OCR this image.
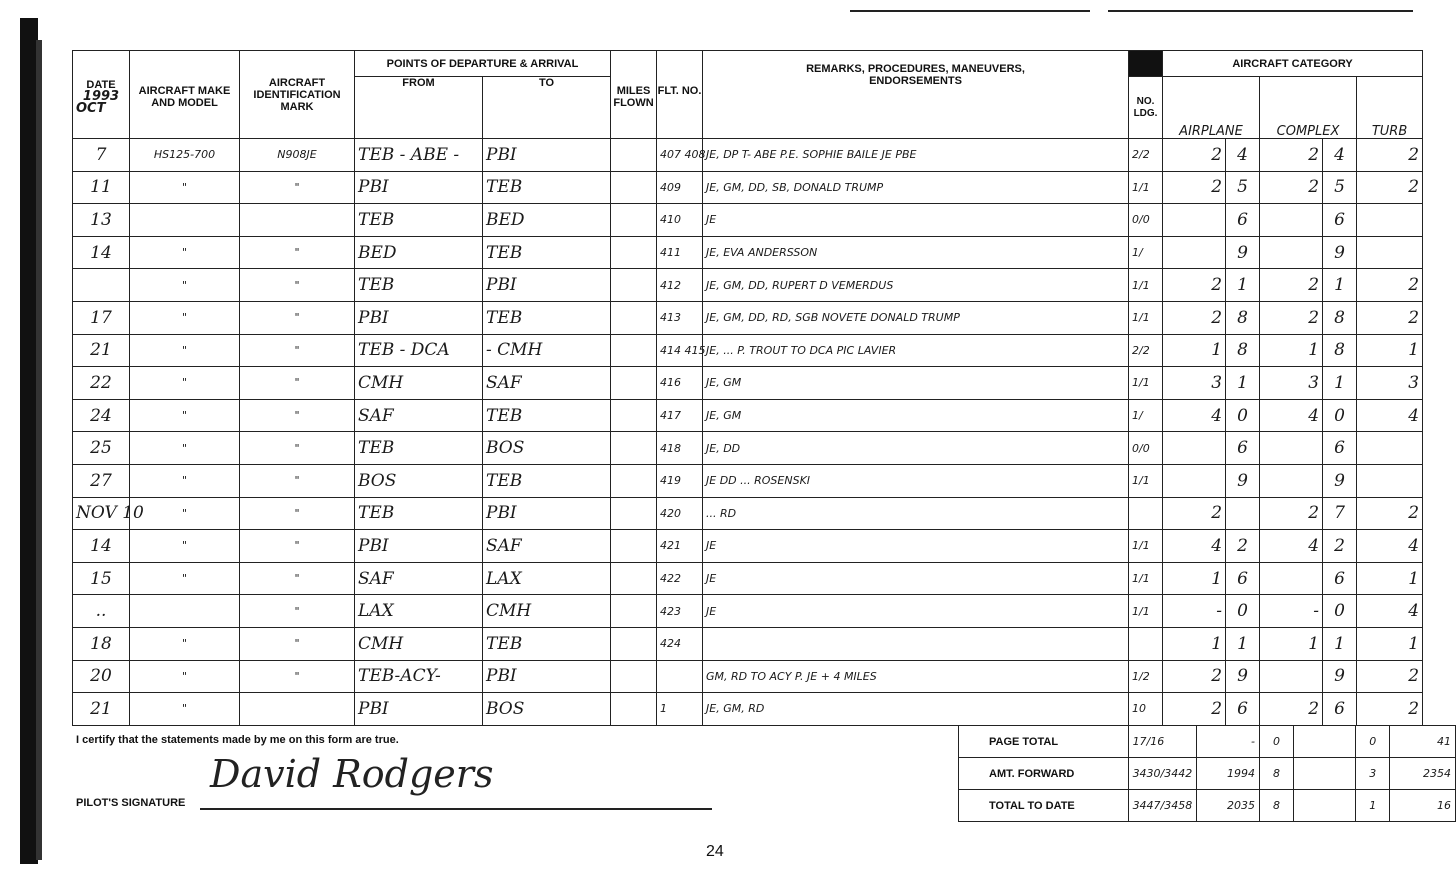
DATE
1993
OCT	AIRCRAFT MAKE AND MODEL	AIRCRAFT IDENTIFICATION MARK	POINTS OF DEPARTURE & ARRIVAL		MILES FLOWN	FLT. NO.	REMARKS, PROCEDURES, MANEUVERS, ENDORSEMENTS		AIRCRAFT CATEGORY				
			FROM	TO				NO. LDG.	AIRPLANE		COMPLEX		TURB
7	HS125-700	N908JE	TEB - ABE -	PBI		407 408	JE, DP T- ABE P.E. SOPHIE BAILE JE PBE	2/2	2	4	2	4	2
11	"	"	PBI	TEB		409	JE, GM, DD, SB, DONALD TRUMP	1/1	2	5	2	5	2
13			TEB	BED		410	JE	0/0		6		6	
14	"	"	BED	TEB		411	JE, EVA ANDERSSON	1/		9		9	
	"	"	TEB	PBI		412	JE, GM, DD, RUPERT D VEMERDUS	1/1	2	1	2	1	2
17	"	"	PBI	TEB		413	JE, GM, DD, RD, SGB NOVETE DONALD TRUMP	1/1	2	8	2	8	2
21	"	"	TEB - DCA	- CMH		414 415	JE, ... P. TROUT TO DCA PIC LAVIER	2/2	1	8	1	8	1
22	"	"	CMH	SAF		416	JE, GM	1/1	3	1	3	1	3
24	"	"	SAF	TEB		417	JE, GM	1/	4	0	4	0	4
25	"	"	TEB	BOS		418	JE, DD	0/0		6		6	
27	"	"	BOS	TEB		419	JE DD ... ROSENSKI	1/1		9		9	
NOV 10	"	"	TEB	PBI		420	... RD		2		2	7	2
14	"	"	PBI	SAF		421	JE	1/1	4	2	4	2	4
15	"	"	SAF	LAX		422	JE	1/1	1	6		6	1
..		"	LAX	CMH		423	JE	1/1	-	0	-	0	4
18	"	"	CMH	TEB		424			1	1	1	1	1
20	"	"	TEB-ACY-	PBI			GM, RD TO ACY P. JE + 4 MILES	1/2	2	9		9	2
21	"		PBI	BOS		1	JE, GM, RD	10	2	6	2	6	2
I certify that the statements made by me on this form are true.
PILOT'S SIGNATURE
David Rodgers
PAGE TOTAL	17/16	-	0		0	41
AMT. FORWARD	3430/3442	1994	8		3	2354
TOTAL TO DATE	3447/3458	2035	8		1	16
24
